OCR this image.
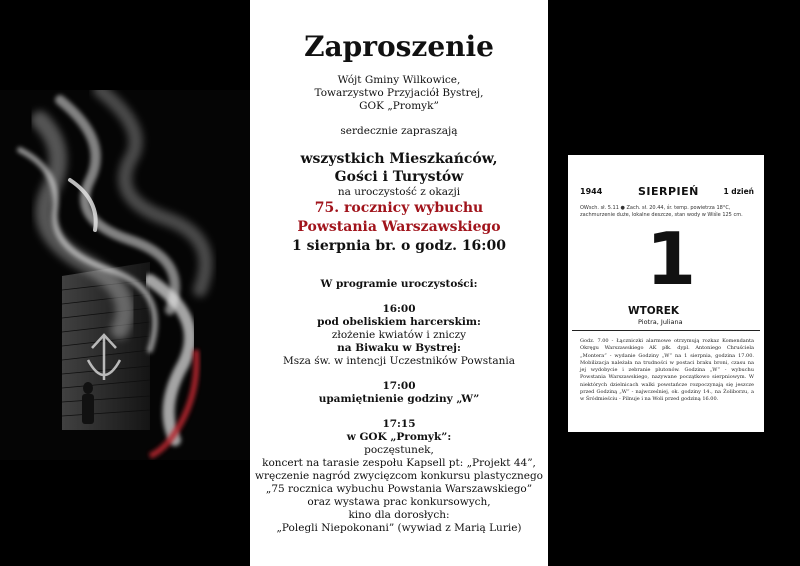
Zaproszenie
Wójt Gminy Wilkowice,
Towarzystwo Przyjaciół Bystrej,
GOK „Promyk”
serdecznie zapraszają
wszystkich Mieszkańców,
Gości i Turystów
na uroczystość z okazji
75. rocznicy wybuchu
Powstania Warszawskiego
1 sierpnia br. o godz. 16:00
W programie uroczystości:
16:00
pod obeliskiem harcerskim:
złożenie kwiatów i zniczy
na Biwaku w Bystrej:
Msza św. w intencji Uczestników Powstania
17:00
upamiętnienie godziny „W”
17:15
w GOK „Promyk”:
poczęstunek,
koncert na tarasie zespołu Kapsell pt: „Projekt 44”,
wręczenie nagród zwycięzcom konkursu plastycznego
„75 rocznica wybuchu Powstania Warszawskiego”
oraz wystawa prac konkursowych,
kino dla dorosłych:
„Polegli Niepokonani” (wywiad z Marią Lurie)
1944	SIERPIEŃ	1 dzień
OWsch. sł. 5.11 ● Zach. sł. 20.44, śr. temp. powietrza 18°C, zachmurzenie duże, lokalne deszcze, stan wody w Wiśle 125 cm.
1
WTOREK
Piotra, Juliana
Godz. 7.00 - Łączniczki alarmowe otrzymują rozkaz Komendanta Okręgu Warszawskiego AK płk. dypl. Antoniego Chruściela „Montera” - wydanie Godziny „W” na 1 sierpnia, godzina 17.00. Mobilizacja należała na trudności w postaci braku broni, czasu na jej wydobycie i zebranie plutonów. Godzina „W” - wybuchu Powstania Warszawskiego, nazywane początkowo sierpniowym. W niektórych dzielnicach walki powstańcze rozpoczynają się jeszcze przed Godziną „W” - najwcześniej, ok. godziny 14., na Żoliborzu, a w Śródmieściu - Pilnuje i na Woli przed godziną 16.00.
